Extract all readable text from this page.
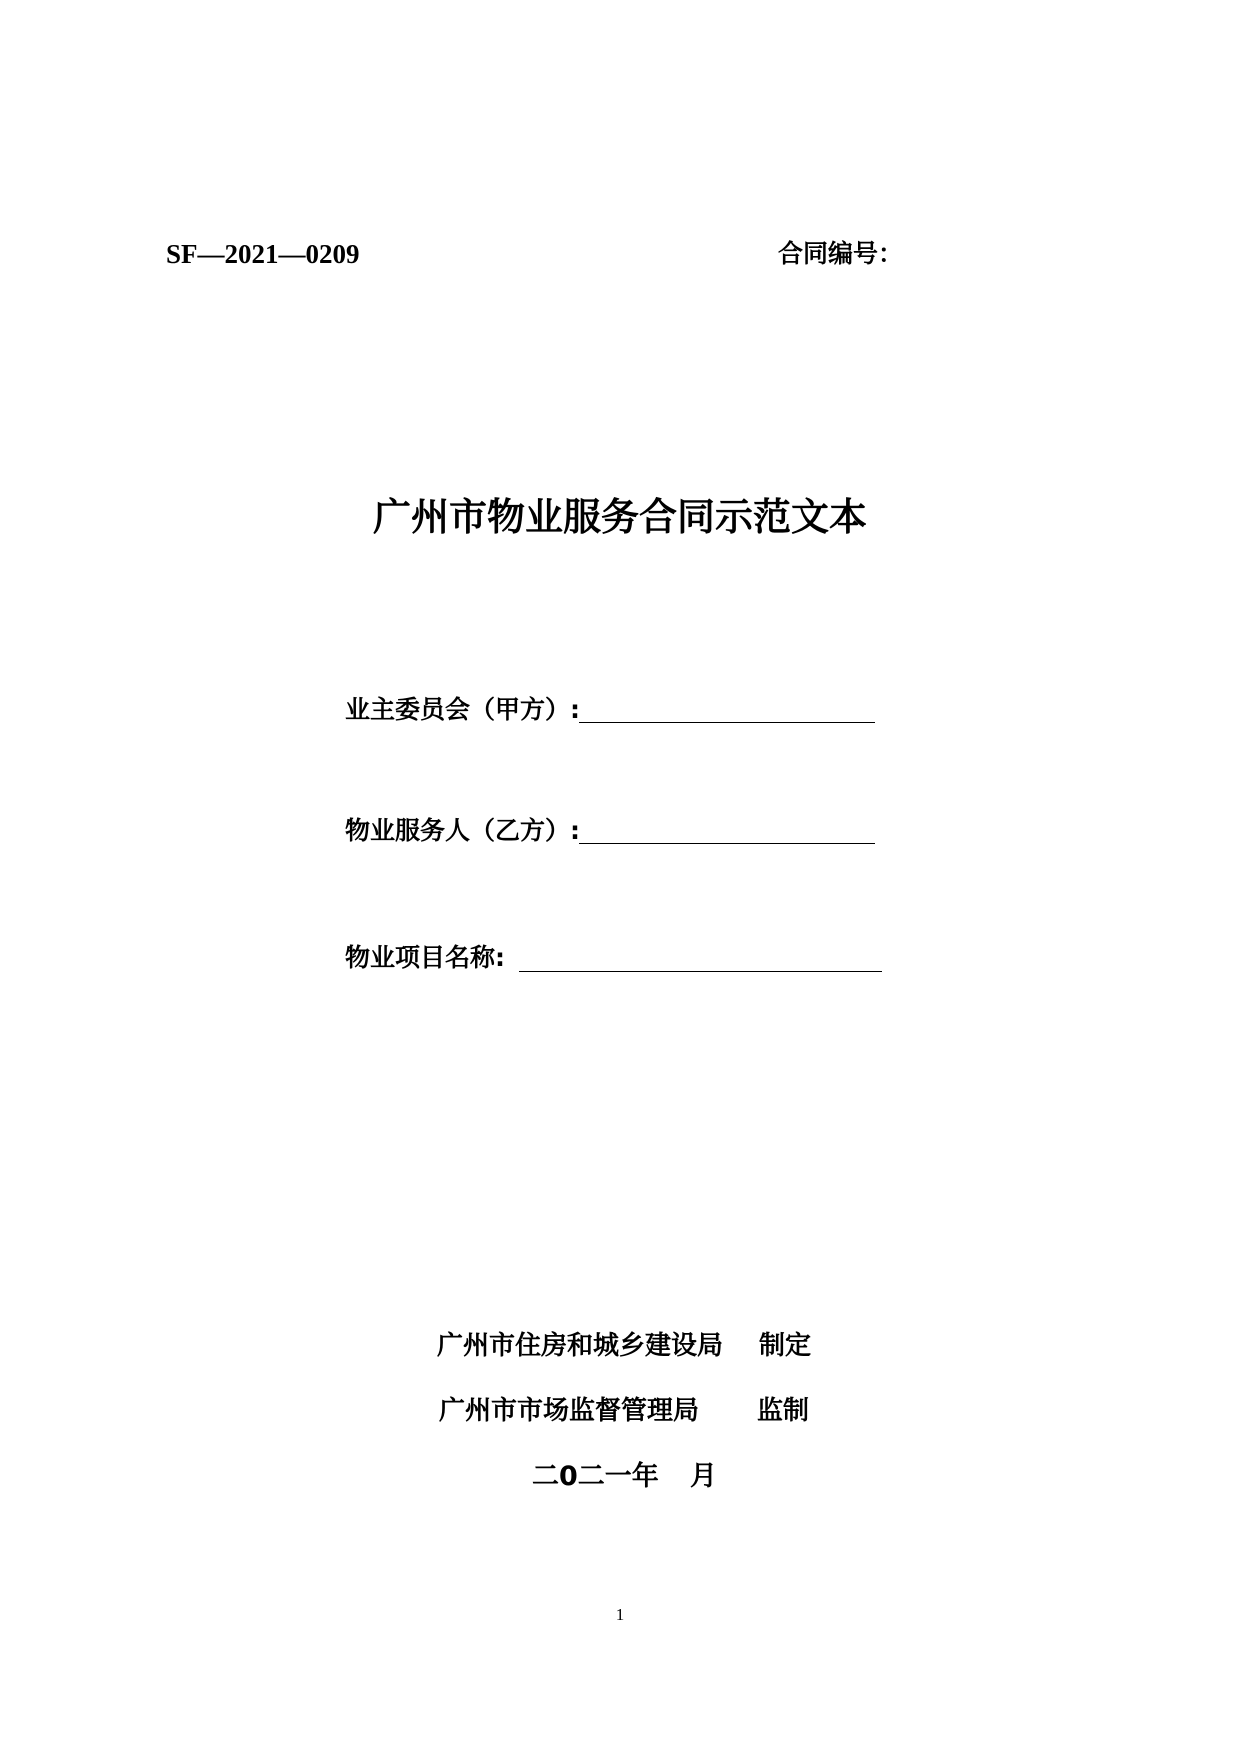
SF—2021—0209	合同编号：
广州市物业服务合同示范文本
业主委员会（甲方）:
物业服务人（乙方）:
物业项目名称:
广州市住房和城乡建设局 制定
广州市市场监督管理局 监制
二0二一年 月
1
